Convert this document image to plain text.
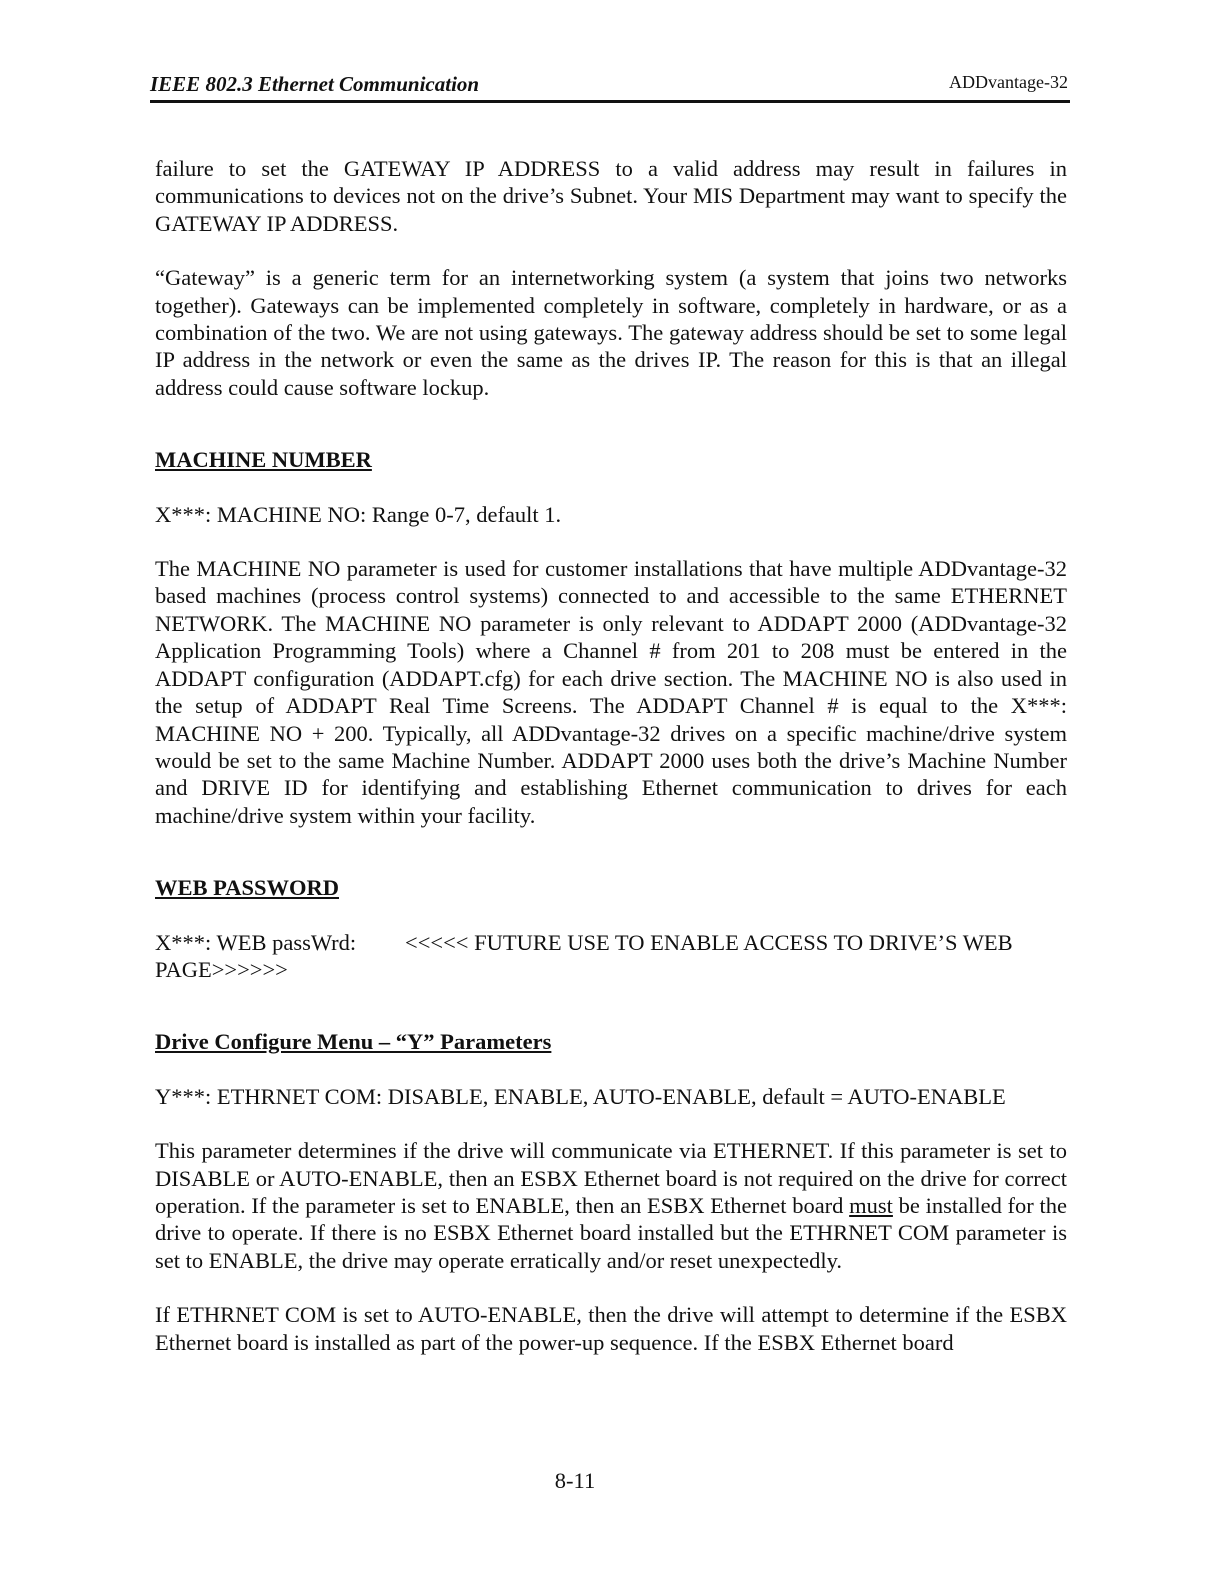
IEEE 802.3 Ethernet Communication	ADDvantage-32

failure to set the GATEWAY IP ADDRESS to a valid address may result in failures in communications to devices not on the drive’s Subnet. Your MIS Department may want to specify the GATEWAY IP ADDRESS.

“Gateway” is a generic term for an internetworking system (a system that joins two networks together). Gateways can be implemented completely in software, completely in hardware, or as a combination of the two. We are not using gateways. The gateway address should be set to some legal IP address in the network or even the same as the drives IP. The reason for this is that an illegal address could cause software lockup.

MACHINE NUMBER
X***: MACHINE NO: Range 0-7, default 1.

The MACHINE NO parameter is used for customer installations that have multiple ADDvantage-32 based machines (process control systems) connected to and accessible to the same ETHERNET NETWORK. The MACHINE NO parameter is only relevant to ADDAPT 2000 (ADDvantage-32 Application Programming Tools) where a Channel # from 201 to 208 must be entered in the ADDAPT configuration (ADDAPT.cfg) for each drive section. The MACHINE NO is also used in the setup of ADDAPT Real Time Screens. The ADDAPT Channel # is equal to the X***: MACHINE NO + 200. Typically, all ADDvantage-32 drives on a specific machine/drive system would be set to the same Machine Number. ADDAPT 2000 uses both the drive’s Machine Number and DRIVE ID for identifying and establishing Ethernet communication to drives for each machine/drive system within your facility.

WEB PASSWORD
X***: WEB passWrd: <<<<< FUTURE USE TO ENABLE ACCESS TO DRIVE’S WEB
PAGE>>>>>>
Drive Configure Menu – “Y” Parameters
Y***: ETHRNET COM: DISABLE, ENABLE, AUTO-ENABLE, default = AUTO-ENABLE

This parameter determines if the drive will communicate via ETHERNET. If this parameter is set to DISABLE or AUTO-ENABLE, then an ESBX Ethernet board is not required on the drive for correct operation. If the parameter is set to ENABLE, then an ESBX Ethernet board must be installed for the drive to operate. If there is no ESBX Ethernet board installed but the ETHRNET COM parameter is set to ENABLE, the drive may operate erratically and/or reset unexpectedly.

If ETHRNET COM is set to AUTO-ENABLE, then the drive will attempt to determine if the ESBX Ethernet board is installed as part of the power-up sequence. If the ESBX Ethernet board

8-11
